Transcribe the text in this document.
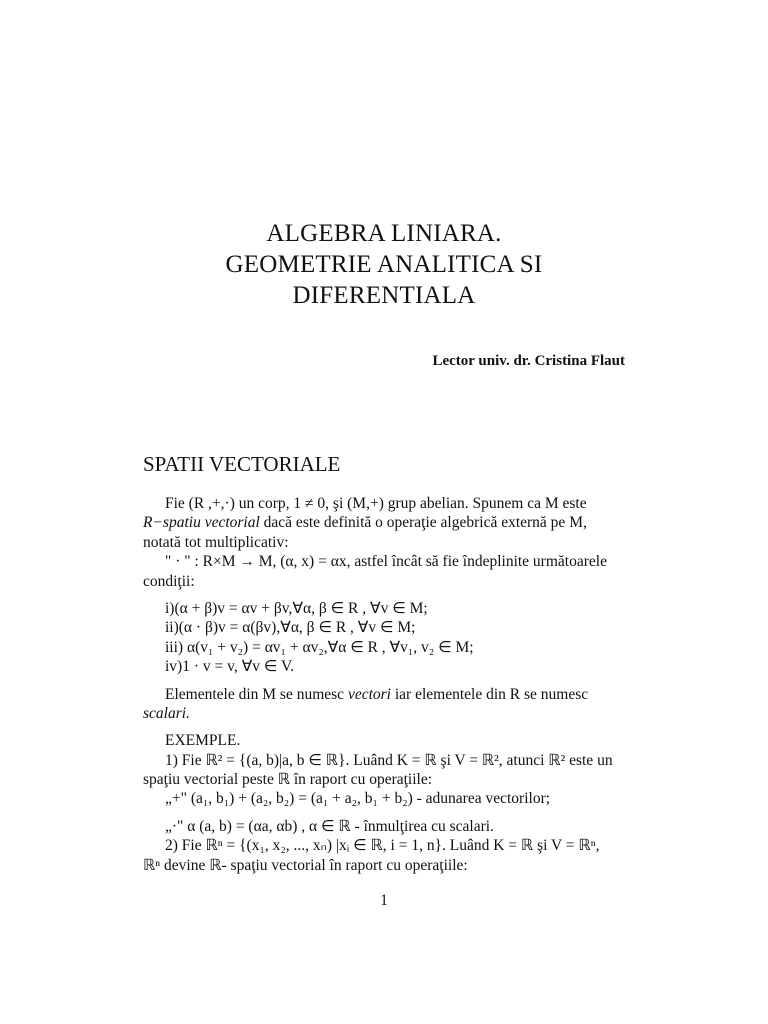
ALGEBRA LINIARA.
GEOMETRIE ANALITICA SI
DIFERENTIALA
Lector univ. dr. Cristina Flaut
SPATII VECTORIALE
Fie (R ,+,·) un corp, 1 ≠ 0, şi (M,+) grup abelian. Spunem ca M este
R−spatiu vectorial dacă este definită o operaţie algebrică externă pe M,
notată tot multiplicativ:
" · " : R×M → M, (α, x) = αx, astfel încât să fie îndeplinite următoarele
condiţii:
i)(α + β)v = αv + βv,∀α, β ∈ R , ∀v ∈ M;
ii)(α · β)v = α(βv),∀α, β ∈ R , ∀v ∈ M;
iii) α(v₁ + v₂) = αv₁ + αv₂,∀α ∈ R , ∀v₁, v₂ ∈ M;
iv)1 · v = v, ∀v ∈ V.
Elementele din M se numesc vectori iar elementele din R se numesc
scalari.
EXEMPLE.
1) Fie ℝ² = {(a, b)|a, b ∈ ℝ}. Luând K = ℝ şi V = ℝ², atunci ℝ² este un
spaţiu vectorial peste ℝ în raport cu operaţiile:
„+" (a₁, b₁) + (a₂, b₂) = (a₁ + a₂, b₁ + b₂) - adunarea vectorilor;
„·" α (a, b) = (αa, αb) , α ∈ ℝ - înmulţirea cu scalari.
2) Fie ℝⁿ = {(x₁, x₂, ..., xₙ) |xᵢ ∈ ℝ, i = 1, n}. Luând K = ℝ şi V = ℝⁿ,
ℝⁿ devine ℝ- spaţiu vectorial în raport cu operaţiile:
1
